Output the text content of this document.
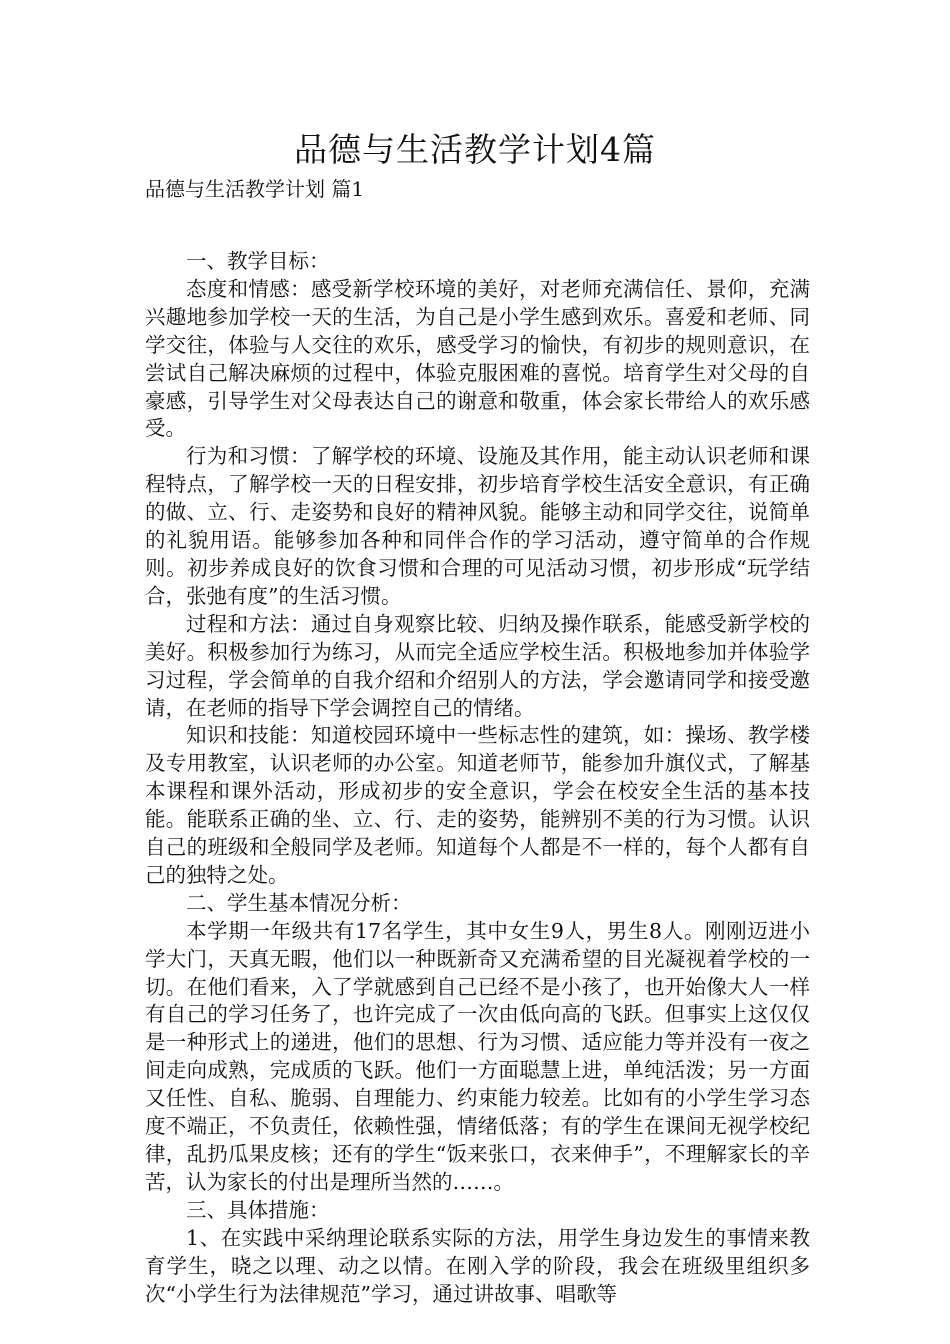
品德与生活教学计划4篇
品德与生活教学计划 篇1

一、教学目标：

态度和情感：感受新学校环境的美好，对老师充满信任、景仰，充满兴趣地参加学校一天的生活，为自己是小学生感到欢乐。喜爱和老师、同学交往，体验与人交往的欢乐，感受学习的愉快，有初步的规则意识，在尝试自己解决麻烦的过程中，体验克服困难的喜悦。培育学生对父母的自豪感，引导学生对父母表达自己的谢意和敬重，体会家长带给人的欢乐感受。

行为和习惯：了解学校的环境、设施及其作用，能主动认识老师和课程特点，了解学校一天的日程安排，初步培育学校生活安全意识，有正确的做、立、行、走姿势和良好的精神风貌。能够主动和同学交往，说简单的礼貌用语。能够参加各种和同伴合作的学习活动，遵守简单的合作规则。初步养成良好的饮食习惯和合理的可见活动习惯，初步形成“玩学结合，张弛有度”的生活习惯。

过程和方法：通过自身观察比较、归纳及操作联系，能感受新学校的美好。积极参加行为练习，从而完全适应学校生活。积极地参加并体验学习过程，学会简单的自我介绍和介绍别人的方法，学会邀请同学和接受邀请，在老师的指导下学会调控自己的情绪。

知识和技能：知道校园环境中一些标志性的建筑，如：操场、教学楼及专用教室，认识老师的办公室。知道老师节，能参加升旗仪式，了解基本课程和课外活动，形成初步的安全意识，学会在校安全生活的基本技能。能联系正确的坐、立、行、走的姿势，能辨别不美的行为习惯。认识自己的班级和全般同学及老师。知道每个人都是不一样的，每个人都有自己的独特之处。

二、学生基本情况分析：

本学期一年级共有17名学生，其中女生9人，男生8人。刚刚迈进小学大门，天真无暇，他们以一种既新奇又充满希望的目光凝视着学校的一切。在他们看来，入了学就感到自己已经不是小孩了，也开始像大人一样有自己的学习任务了，也许完成了一次由低向高的飞跃。但事实上这仅仅是一种形式上的递进，他们的思想、行为习惯、适应能力等并没有一夜之间走向成熟，完成质的飞跃。他们一方面聪慧上进，单纯活泼；另一方面又任性、自私、脆弱、自理能力、约束能力较差。比如有的小学生学习态度不端正，不负责任，依赖性强，情绪低落；有的学生在课间无视学校纪律，乱扔瓜果皮核；还有的学生“饭来张口，衣来伸手”，不理解家长的辛苦，认为家长的付出是理所当然的……。

三、具体措施：

1、在实践中采纳理论联系实际的方法，用学生身边发生的事情来教育学生，晓之以理、动之以情。在刚入学的阶段，我会在班级里组织多次“小学生行为法律规范”学习，通过讲故事、唱歌等
